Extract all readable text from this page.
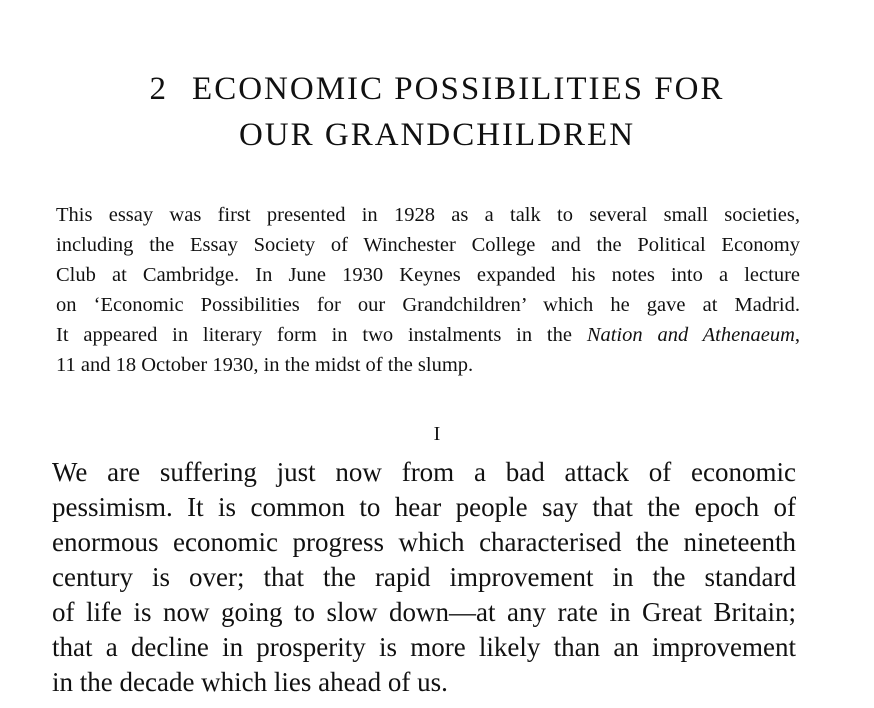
2 ECONOMIC POSSIBILITIES FOR
OUR GRANDCHILDREN

This essay was first presented in 1928 as a talk to several small societies,
including the Essay Society of Winchester College and the Political Economy
Club at Cambridge. In June 1930 Keynes expanded his notes into a lecture
on ‘Economic Possibilities for our Grandchildren’ which he gave at Madrid.
It appeared in literary form in two instalments in the Nation and Athenaeum,
11 and 18 October 1930, in the midst of the slump.

I

We are suffering just now from a bad attack of economic
pessimism. It is common to hear people say that the epoch of
enormous economic progress which characterised the nineteenth
century is over; that the rapid improvement in the standard
of life is now going to slow down—at any rate in Great Britain;
that a decline in prosperity is more likely than an improvement
in the decade which lies ahead of us.
